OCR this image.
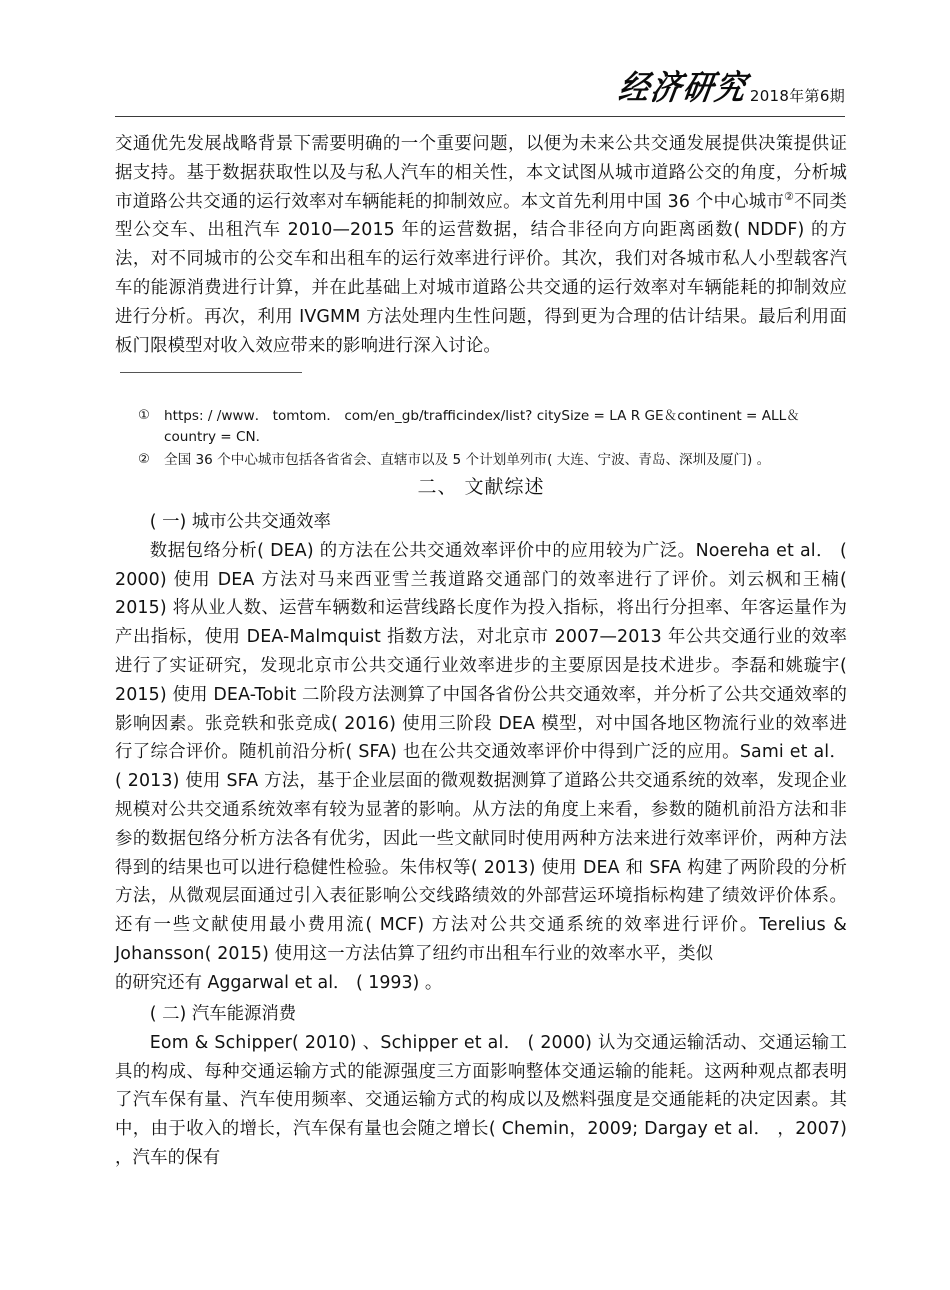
经济研究 2018年第6期

交通优先发展战略背景下需要明确的一个重要问题，以便为未来公共交通发展提供决策提供证据支持。基于数据获取性以及与私人汽车的相关性，本文试图从城市道路公交的角度，分析城市道路公共交通的运行效率对车辆能耗的抑制效应。本文首先利用中国 36 个中心城市②不同类型公交车、出租汽车 2010—2015 年的运营数据，结合非径向方向距离函数( NDDF) 的方法，对不同城市的公交车和出租车的运行效率进行评价。其次，我们对各城市私人小型载客汽车的能源消费进行计算，并在此基础上对城市道路公共交通的运行效率对车辆能耗的抑制效应进行分析。再次，利用 IVGMM 方法处理内生性问题，得到更为合理的估计结果。最后利用面板门限模型对收入效应带来的影响进行深入讨论。

①	https: / /www． tomtom． com/en_gb/trafficindex/list? citySize = LA R GE＆continent = ALL＆country = CN．
②	全国 36 个中心城市包括各省省会、直辖市以及 5 个计划单列市( 大连、宁波、青岛、深圳及厦门) 。
二、 文献综述

( 一) 城市公共交通效率

数据包络分析( DEA) 的方法在公共交通效率评价中的应用较为广泛。Noereha et al． ( 2000) 使用 DEA 方法对马来西亚雪兰莪道路交通部门的效率进行了评价。刘云枫和王楠( 2015) 将从业人数、运营车辆数和运营线路长度作为投入指标，将出行分担率、年客运量作为产出指标，使用 DEA-Malmquist 指数方法，对北京市 2007—2013 年公共交通行业的效率进行了实证研究，发现北京市公共交通行业效率进步的主要原因是技术进步。李磊和姚璇宇( 2015) 使用 DEA-Tobit 二阶段方法测算了中国各省份公共交通效率，并分析了公共交通效率的影响因素。张竞轶和张竞成( 2016) 使用三阶段 DEA 模型，对中国各地区物流行业的效率进行了综合评价。随机前沿分析( SFA) 也在公共交通效率评价中得到广泛的应用。Sami et al． ( 2013) 使用 SFA 方法，基于企业层面的微观数据测算了道路公共交通系统的效率，发现企业规模对公共交通系统效率有较为显著的影响。从方法的角度上来看，参数的随机前沿方法和非参的数据包络分析方法各有优劣，因此一些文献同时使用两种方法来进行效率评价，两种方法得到的结果也可以进行稳健性检验。朱伟权等( 2013) 使用 DEA 和 SFA 构建了两阶段的分析方法，从微观层面通过引入表征影响公交线路绩效的外部营运环境指标构建了绩效评价体系。还有一些文献使用最小费用流( MCF) 方法对公共交通系统的效率进行评价。Terelius & Johansson( 2015) 使用这一方法估算了纽约市出租车行业的效率水平，类似

的研究还有 Aggarwal et al． ( 1993) 。

( 二) 汽车能源消费

Eom & Schipper( 2010) 、Schipper et al． ( 2000) 认为交通运输活动、交通运输工具的构成、每种交通运输方式的能源强度三方面影响整体交通运输的能耗。这两种观点都表明了汽车保有量、汽车使用频率、交通运输方式的构成以及燃料强度是交通能耗的决定因素。其中，由于收入的增长，汽车保有量也会随之增长( Chemin，2009; Dargay et al． ，2007) ，汽车的保有
